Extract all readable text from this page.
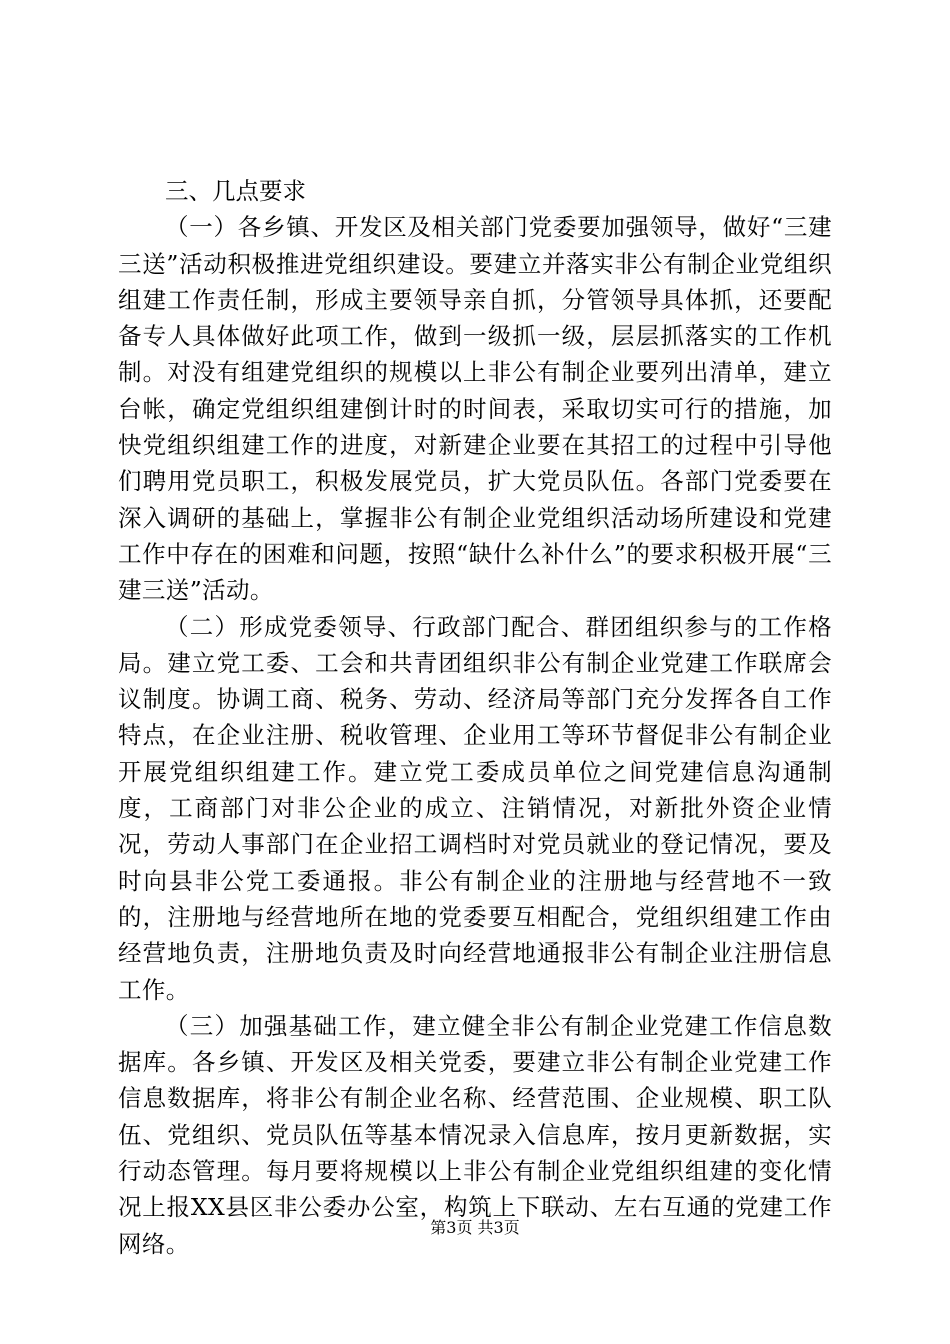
三、几点要求

（一）各乡镇、开发区及相关部门党委要加强领导，做好“三建三送”活动积极推进党组织建设。要建立并落实非公有制企业党组织组建工作责任制，形成主要领导亲自抓，分管领导具体抓，还要配备专人具体做好此项工作，做到一级抓一级，层层抓落实的工作机制。对没有组建党组织的规模以上非公有制企业要列出清单，建立台帐，确定党组织组建倒计时的时间表，采取切实可行的措施，加快党组织组建工作的进度，对新建企业要在其招工的过程中引导他们聘用党员职工，积极发展党员，扩大党员队伍。各部门党委要在深入调研的基础上，掌握非公有制企业党组织活动场所建设和党建工作中存在的困难和问题，按照“缺什么补什么”的要求积极开展“三建三送”活动。

（二）形成党委领导、行政部门配合、群团组织参与的工作格局。建立党工委、工会和共青团组织非公有制企业党建工作联席会议制度。协调工商、税务、劳动、经济局等部门充分发挥各自工作特点，在企业注册、税收管理、企业用工等环节督促非公有制企业开展党组织组建工作。建立党工委成员单位之间党建信息沟通制度，工商部门对非公企业的成立、注销情况，对新批外资企业情况，劳动人事部门在企业招工调档时对党员就业的登记情况，要及时向县非公党工委通报。非公有制企业的注册地与经营地不一致的，注册地与经营地所在地的党委要互相配合，党组织组建工作由经营地负责，注册地负责及时向经营地通报非公有制企业注册信息工作。

（三）加强基础工作，建立健全非公有制企业党建工作信息数据库。各乡镇、开发区及相关党委，要建立非公有制企业党建工作信息数据库，将非公有制企业名称、经营范围、企业规模、职工队伍、党组织、党员队伍等基本情况录入信息库，按月更新数据，实行动态管理。每月要将规模以上非公有制企业党组织组建的变化情况上报XX县区非公委办公室，构筑上下联动、左右互通的党建工作网络。

第3页 共3页
